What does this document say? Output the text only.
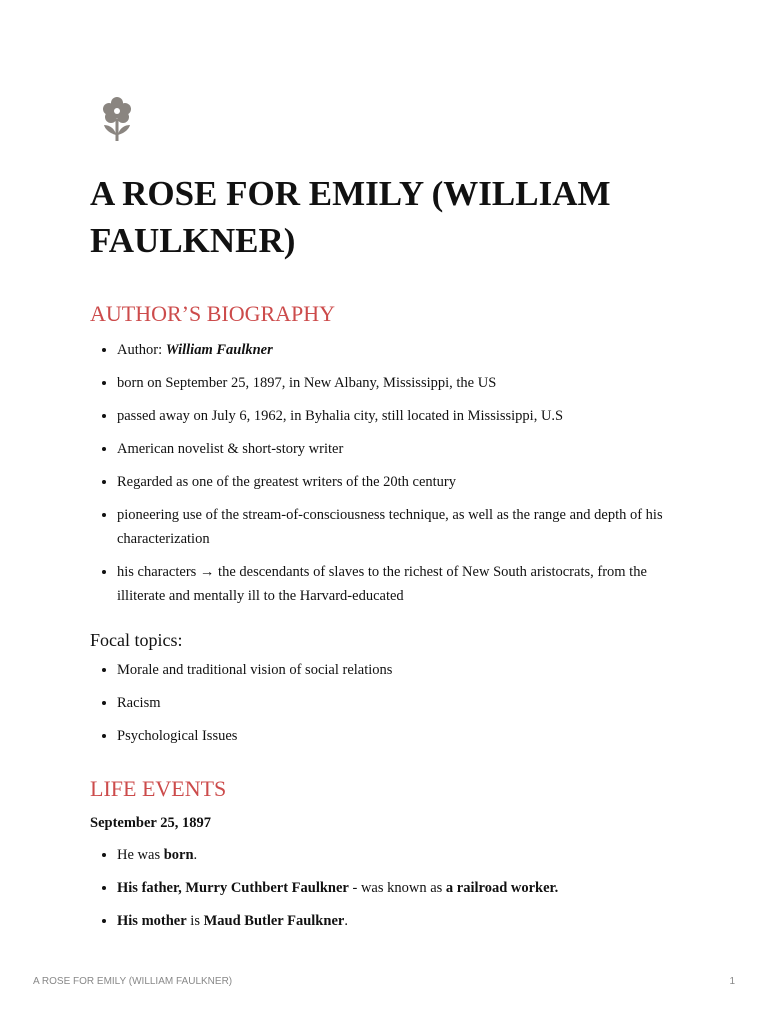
A ROSE FOR EMILY (WILLIAM FAULKNER)
AUTHOR’S BIOGRAPHY
• Author: William Faulkner
• born on September 25, 1897, in New Albany, Mississippi, the US
• passed away on July 6, 1962, in Byhalia city, still located in Mississippi, U.S
• American novelist & short-story writer
• Regarded as one of the greatest writers of the 20th century
• pioneering use of the stream-of-consciousness technique, as well as the range and depth of his characterization
• his characters → the descendants of slaves to the richest of New South aristocrats, from the illiterate and mentally ill to the Harvard-educated
Focal topics:
• Morale and traditional vision of social relations
• Racism
• Psychological Issues
LIFE EVENTS

September 25, 1897

• He was born.
• His father, Murry Cuthbert Faulkner - was known as a railroad worker.
• His mother is Maud Butler Faulkner.
A ROSE FOR EMILY (WILLIAM FAULKNER)	1
